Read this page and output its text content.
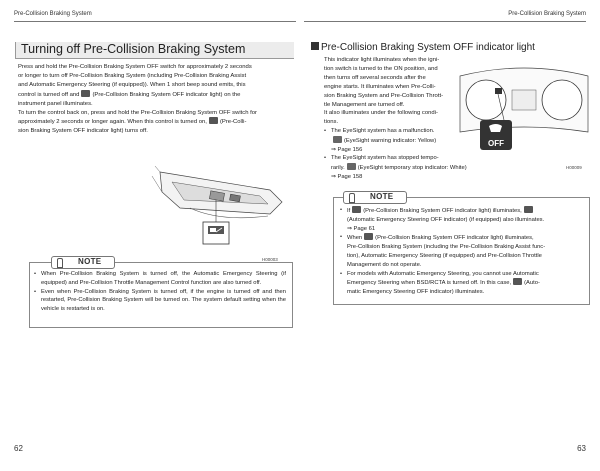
Pre-Collision Braking System	Pre-Collision Braking System
Turning off Pre-Collision Braking System

Press and hold the Pre-Collision Braking System OFF switch for approximately 2 seconds

or longer to turn off Pre-Collision Braking System (including Pre-Collision Braking Assist

and Automatic Emergency Steering (if equipped)). When 1 short beep sound emits, this

control is turned off and (Pre-Collision Braking System OFF indicator light) on the

instrument panel illuminates.

To turn the control back on, press and hold the Pre-Collision Braking System OFF switch for

approximately 2 seconds or longer again. When this control is turned on, (Pre-Colli-

sion Braking System OFF indicator light) turns off.

H00003
NOTE
• When Pre-Collision Braking System is turned off, the Automatic Emergency Steering (if equipped) and Pre-Collision Throttle Management Control function are also turned off.
• Even when Pre-Collision Braking System is turned off, if the engine is turned off and then restarted, Pre-Collision Braking System will be turned on. The system default setting when the vehicle is restarted is on.
62
Pre-Collision Braking System OFF indicator light

This indicator light illuminates when the igni-

tion switch is turned to the ON position, and

then turns off several seconds after the

engine starts. It illuminates when Pre-Colli-

sion Braking System and Pre-Collision Thrott-

tle Management are turned off.

It also illuminates under the following condi-

tions.

• The EyeSight system has a malfunction.
(EyeSight warning indicator: Yellow)
⇒ Page 156
• The EyeSight system has stopped tempo-
rarily. (EyeSight temporary stop indicator: White)
⇒ Page 158
OFF
H00009
NOTE
• If (Pre-Collision Braking System OFF indicator light) illuminates,
(Automatic Emergency Steering OFF indicator) (if equipped) also illuminates.
⇒ Page 61
• When (Pre-Collision Braking System OFF indicator light) illuminates,
Pre-Collision Braking System (including the Pre-Collision Braking Assist func-
tion), Automatic Emergency Steering (if equipped) and Pre-Collision Throttle
Management do not operate.
• For models with Automatic Emergency Steering, you cannot use Automatic
Emergency Steering when BSD/RCTA is turned off. In this case, (Auto-
matic Emergency Steering OFF indicator) illuminates.
63
